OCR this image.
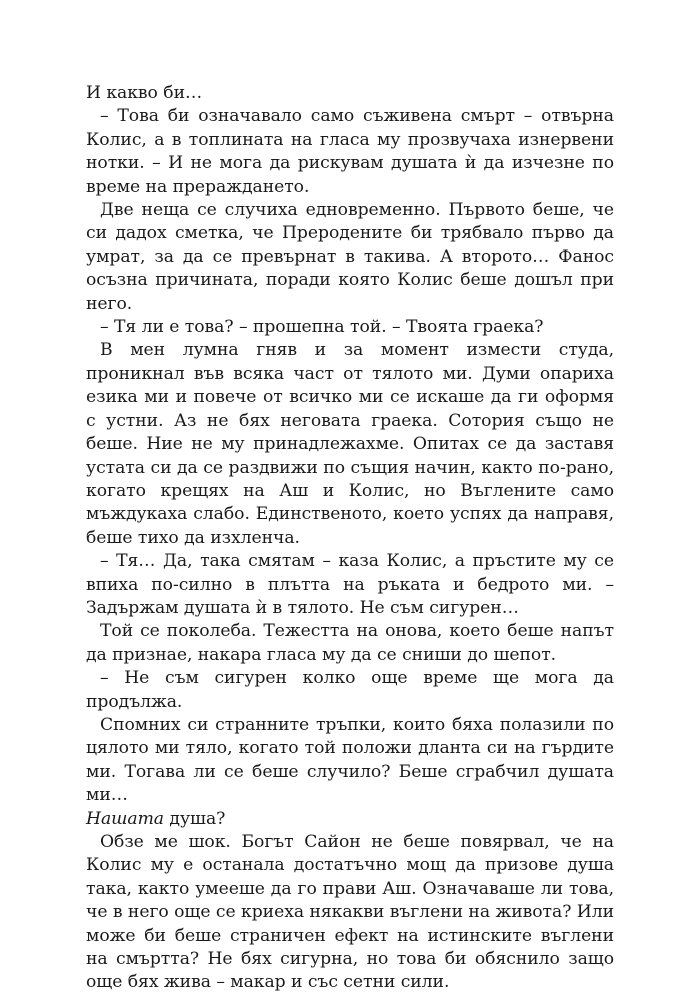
И какво би…

– Това би означавало само съживена смърт – отвърна Колис, а в топлината на гласа му прозвучаха изнервени нотки. – И не мога да рискувам душата ѝ да изчезне по време на прераждането.

Две неща се случиха едновременно. Първото беше, че си дадох сметка, че Преродените би трябвало първо да умрат, за да се превърнат в такива. А второто… Фанос осъзна причината, поради която Колис беше дошъл при него.

– Тя ли е това? – прошепна той. – Твоята граека?

В мен лумна гняв и за момент измести студа, проникнал във всяка част от тялото ми. Думи опариха езика ми и повече от всичко ми се искаше да ги оформя с устни. Аз не бях неговата граека. Сотория също не беше. Ние не му принадлежахме. Опитах се да заставя устата си да се раздвижи по същия начин, както по-рано, когато крещях на Аш и Колис, но Въглените само мъждукаха слабо. Единственото, което успях да направя, беше тихо да изхленча.

– Тя… Да, така смятам – каза Колис, а пръстите му се впиха по-силно в плътта на ръката и бедрото ми. – Задържам душата ѝ в тялото. Не съм сигурен…

Той се поколеба. Тежестта на онова, което беше напът да признае, накара гласа му да се сниши до шепот.

– Не съм сигурен колко още време ще мога да продължа.

Спомних си странните тръпки, които бяха полазили по цялото ми тяло, когато той положи дланта си на гърдите ми. Тогава ли се беше случило? Беше сграбчил душата ми…
Нашата душа?

Обзе ме шок. Богът Сайон не беше повярвал, че на Колис му е останала достатъчно мощ да призове душа така, както умееше да го прави Аш. Означаваше ли това, че в него още се криеха някакви въглени на живота? Или може би беше страничен ефект на истинските въглени на смъртта? Не бях сигурна, но това би обяснило защо още бях жива – макар и със сетни сили.
